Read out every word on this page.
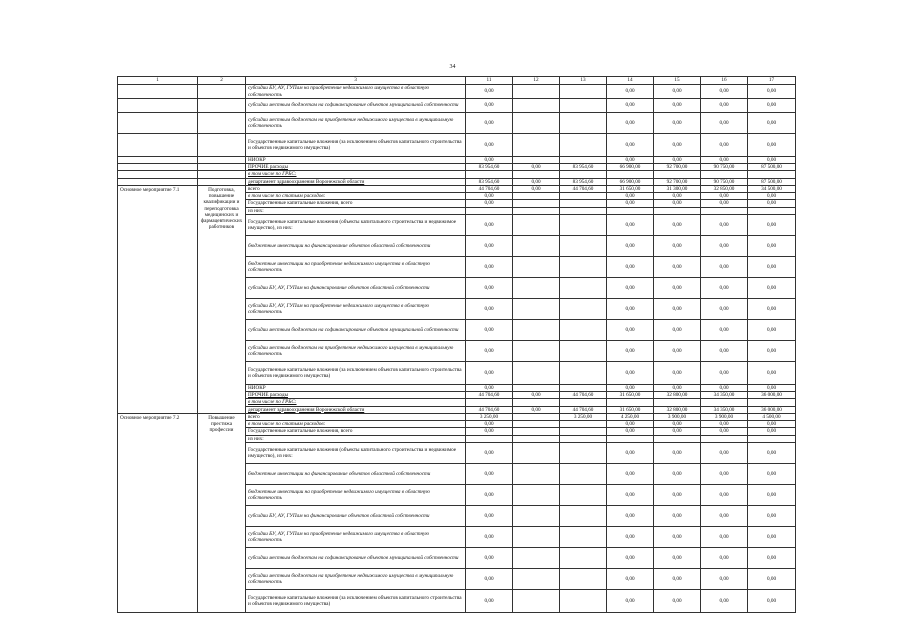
34
1	2	3	11	12	13	14	15	16	17
		субсидии БУ, АУ, ГУПам на приобретение недвижимого имущества в областную собственность	0,00			0,00	0,00	0,00	0,00
		субсидии местным бюджетам на софинансирование объектов муниципальной собственности	0,00			0,00	0,00	0,00	0,00
		субсидии местным бюджетам на приобретение недвижимого имущества в муниципальную собственность	0,00			0,00	0,00	0,00	0,00
		Государственные капитальные вложения (за исключением объектов капитального строительства и объектов недвижимого имущества)	0,00			0,00	0,00	0,00	0,00
		НИОКР	0,00			0,00	0,00	0,00	0,00
		ПРОЧИЕ расходы	83 954,60	0,00	83 954,60	66 900,00	92 700,00	90 750,00	87 500,00
		в том числе по ГРБС:							
		департамент здравоохранения Воронежской области	83 954,60	0,00	83 954,60	66 900,00	92 700,00	90 750,00	87 500,00
Основное мероприятие 7.1	Подготовка, повышение квалификации и переподготовка медицинских и фармацевтических работников	всего	44 704,60	0,00	44 704,60	31 650,00	31 300,00	32 850,00	34 500,00
		в том числе по статьям расходов:	0,00			0,00	0,00	0,00	0,00
		Государственные капитальные вложения, всего	0,00			0,00	0,00	0,00	0,00
		из них:							
		Государственные капитальные вложения (объекты капитального строительства и недвижимое имущество), из них:	0,00			0,00	0,00	0,00	0,00
		бюджетные инвестиции на финансирование объектов областной собственности	0,00			0,00	0,00	0,00	0,00
		бюджетные инвестиции на приобретение недвижимого имущества в областную собственность	0,00			0,00	0,00	0,00	0,00
		субсидии БУ, АУ, ГУПам на финансирование объектов областной собственности	0,00			0,00	0,00	0,00	0,00
		субсидии БУ, АУ, ГУПам на приобретение недвижимого имущества в областную собственность	0,00			0,00	0,00	0,00	0,00
		субсидии местным бюджетам на софинансирование объектов муниципальной собственности	0,00			0,00	0,00	0,00	0,00
		субсидии местным бюджетам на приобретение недвижимого имущества в муниципальную собственность	0,00			0,00	0,00	0,00	0,00
		Государственные капитальные вложения (за исключением объектов капитального строительства и объектов недвижимого имущества)	0,00			0,00	0,00	0,00	0,00
		НИОКР	0,00			0,00	0,00	0,00	0,00
		ПРОЧИЕ расходы	44 704,60	0,00	44 704,60	31 650,00	32 800,00	34 350,00	36 000,00
		в том числе по ГРБС:							
		департамент здравоохранения Воронежской области	44 704,60	0,00	44 704,60	31 650,00	32 800,00	34 350,00	36 000,00
Основное мероприятие 7.2	Повышение престижа профессии	всего	3 250,00		3 250,00	4 250,00	3 900,00	3 900,00	4 500,00
		в том числе по статьям расходов:	0,00			0,00	0,00	0,00	0,00
		Государственные капитальные вложения, всего	0,00			0,00	0,00	0,00	0,00
		из них:							
		Государственные капитальные вложения (объекты капитального строительства и недвижимое имущество), из них:	0,00			0,00	0,00	0,00	0,00
		бюджетные инвестиции на финансирование объектов областной собственности	0,00			0,00	0,00	0,00	0,00
		бюджетные инвестиции на приобретение недвижимого имущества в областную собственность	0,00			0,00	0,00	0,00	0,00
		субсидии БУ, АУ, ГУПам на финансирование объектов областной собственности	0,00			0,00	0,00	0,00	0,00
		субсидии БУ, АУ, ГУПам на приобретение недвижимого имущества в областную собственность	0,00			0,00	0,00	0,00	0,00
		субсидии местным бюджетам на софинансирование объектов муниципальной собственности	0,00			0,00	0,00	0,00	0,00
		субсидии местным бюджетам на приобретение недвижимого имущества в муниципальную собственность	0,00			0,00	0,00	0,00	0,00
		Государственные капитальные вложения (за исключением объектов капитального строительства и объектов недвижимого имущества)	0,00			0,00	0,00	0,00	0,00
